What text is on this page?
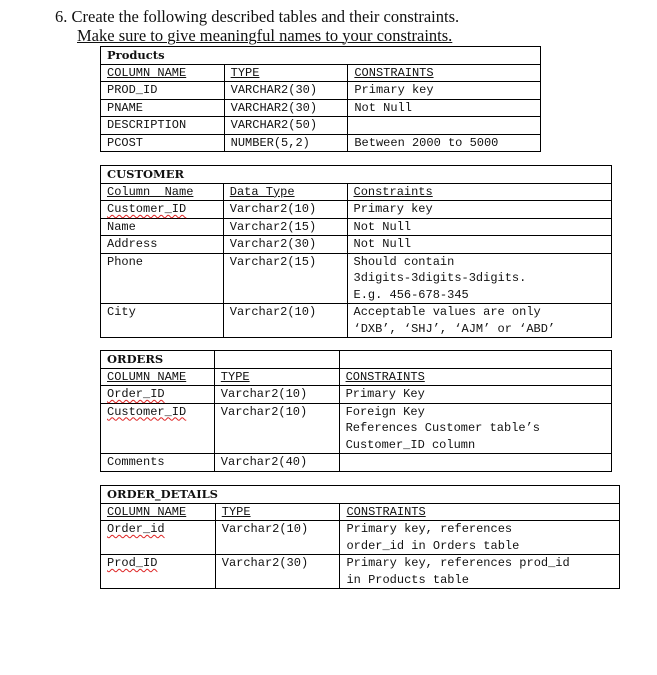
6. Create the following described tables and their constraints.
Make sure to give meaningful names to your constraints.
Products		
COLUMN NAME	TYPE	CONSTRAINTS
PROD_ID	VARCHAR2(30)	Primary key
PNAME	VARCHAR2(30)	Not Null
DESCRIPTION	VARCHAR2(50)	
PCOST	NUMBER(5,2)	Between 2000 to 5000
CUSTOMER		
Column  Name	Data Type	Constraints
Customer_ID	Varchar2(10)	Primary key

Name	Varchar2(15)	Not Null

Address	Varchar2(30)	Not Null

Phone	Varchar2(15)	Should contain
3digits-3digits-3digits.
E.g. 456-678-345

City	Varchar2(10)	Acceptable values are only
‘DXB’, ‘SHJ’, ‘AJM’ or ‘ABD’
ORDERS		
COLUMN NAME	TYPE	CONSTRAINTS
Order_ID	Varchar2(10)	Primary Key

Customer_ID	Varchar2(10)	Foreign Key
References Customer table’s
Customer_ID column

Comments	Varchar2(40)	

ORDER_DETAILS		
COLUMN NAME	TYPE	CONSTRAINTS
Order_id	Varchar2(10)	Primary key, references
order_id in Orders table

Prod_ID	Varchar2(30)	Primary key, references prod_id
in Products table
